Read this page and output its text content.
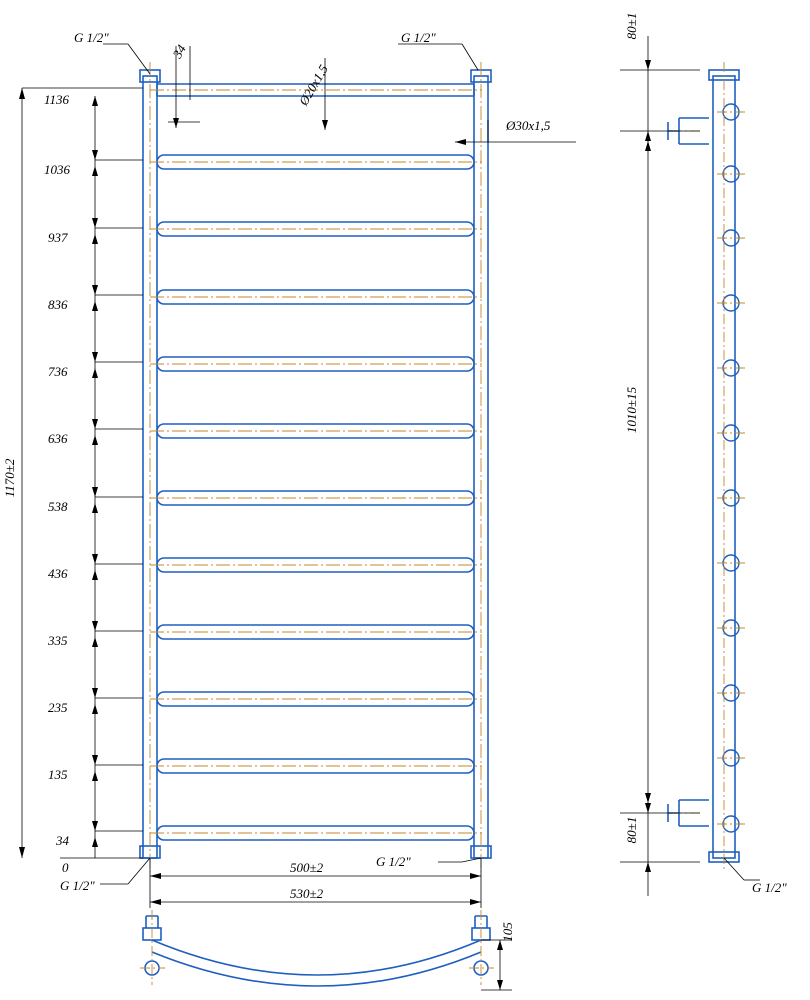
1136
1036
937
836
736
636
538
436
335
235
135
34
0
1170±2
G 1/2"	G 1/2"
G 1/2"
G 1/2"
34
Ø20x1,5
Ø30x1,5
500±2
530±2
80±1
1010±15
80±1
G 1/2"
105
